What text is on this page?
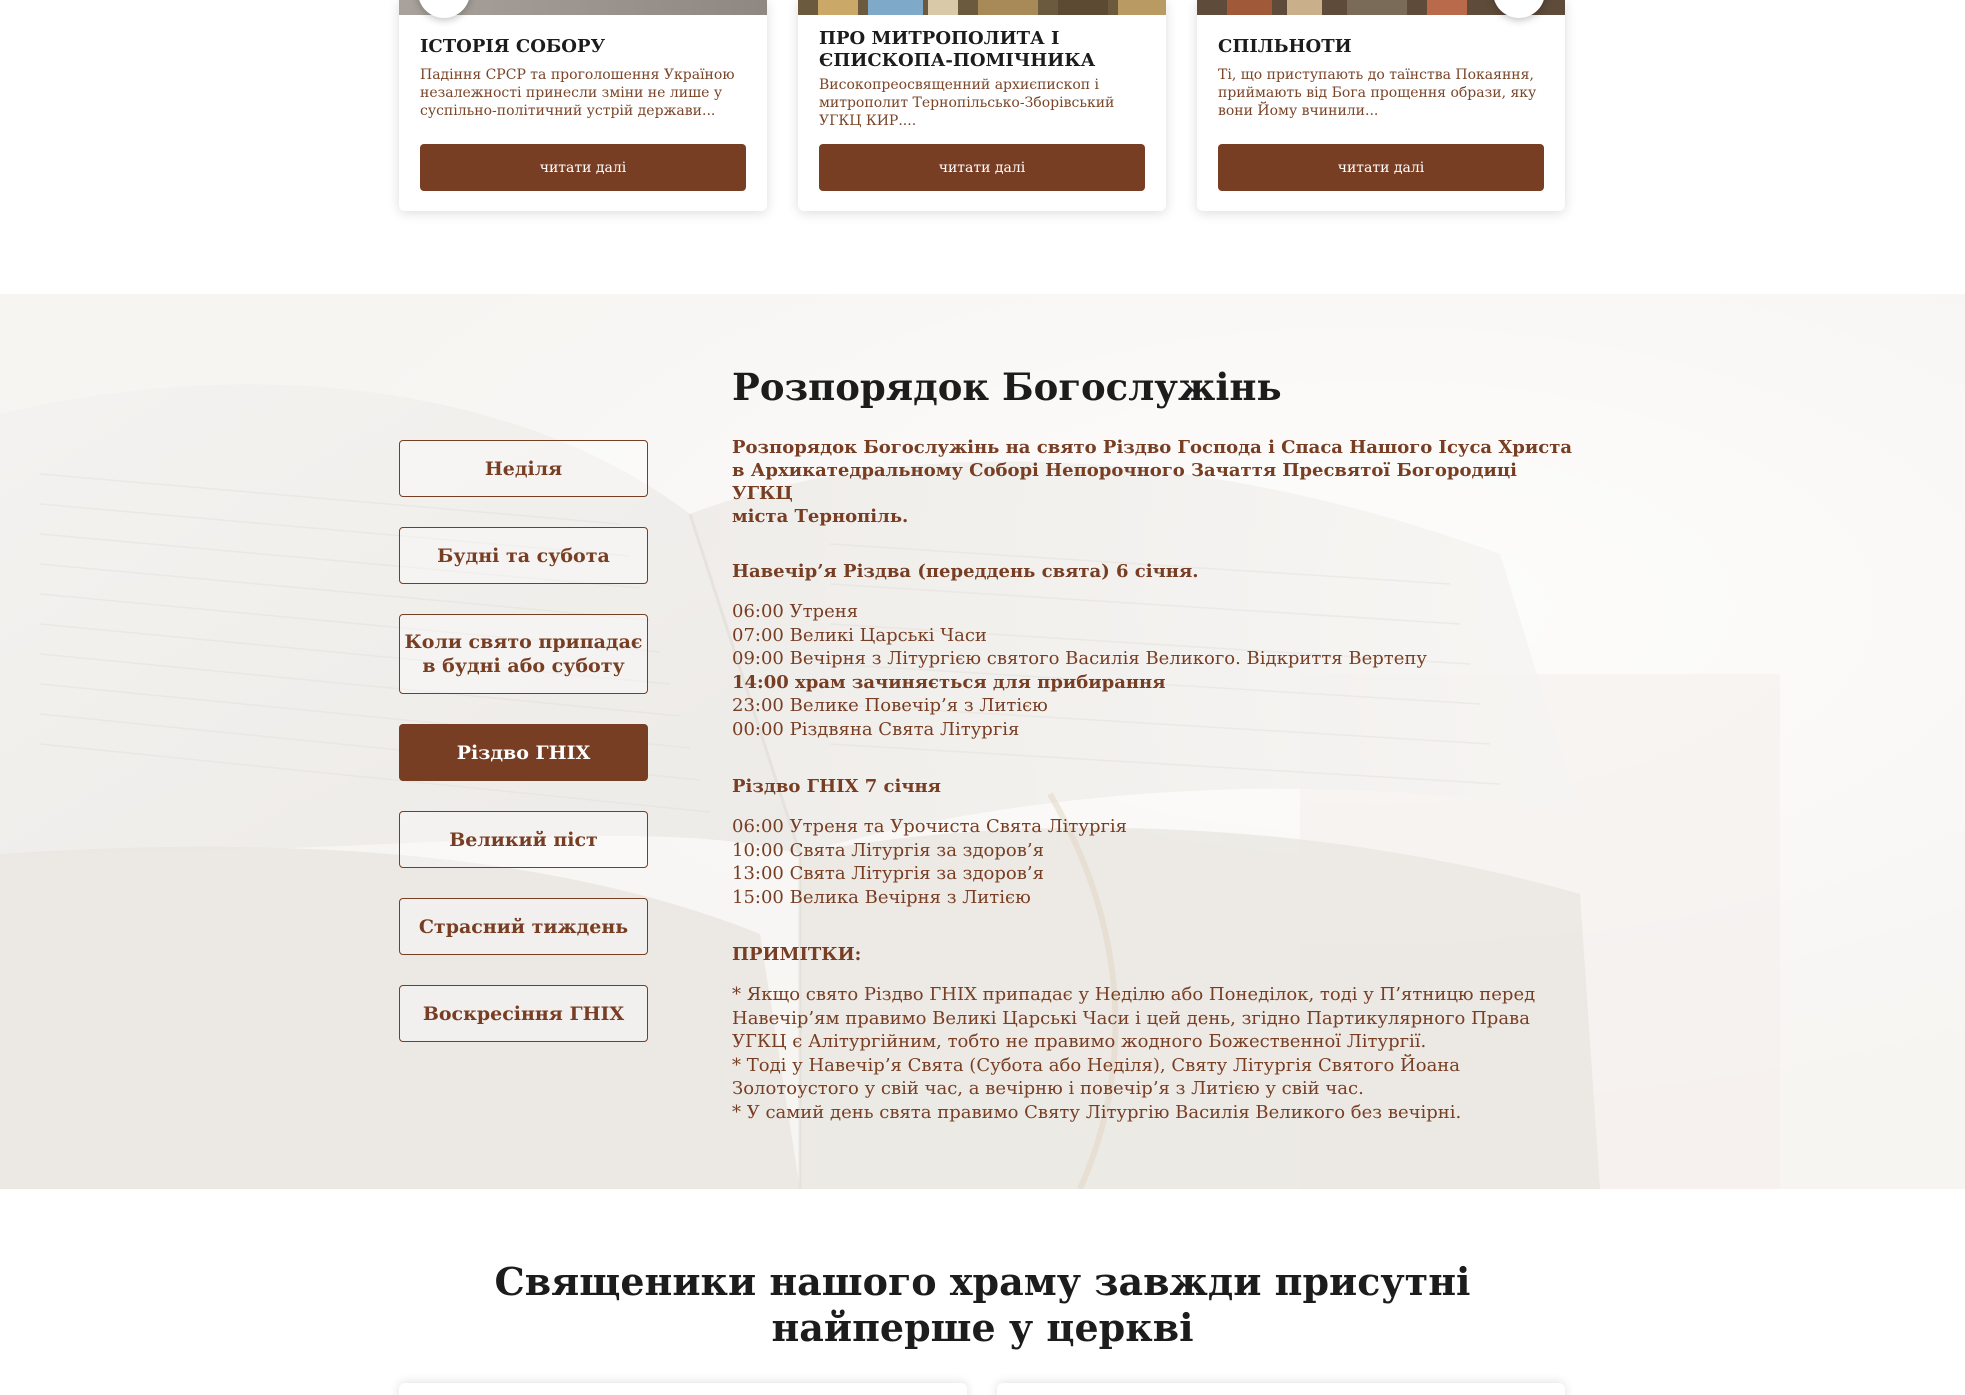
ІСТОРІЯ СОБОРУ
Падіння СРСР та проголошення Україною незалежності принесли зміни не лише у суспільно-політичний устрій держави...
читати далі
ПРО МИТРОПОЛИТА І ЄПИСКОПА-ПОМІЧНИКА
Високопреосвященний архиєпископ і митрополит Тернопільсько-Зборівський УГКЦ КИР....
читати далі
СПІЛЬНОТИ
Ті, що приступають до таїнства Покаяння, приймають від Бога прощення образи, яку вони Йому вчинили...
читати далі
Неділя
Будні та субота
Коли свято припадає в будні або суботу
Різдво ГНІХ
Великий піст
Страсний тиждень
Воскресіння ГНІХ
Розпорядок Богослужінь
Розпорядок Богослужінь на свято Різдво Господа і Спаса Нашого Ісуса Христа
в Архикатедральному Соборі Непорочного Зачаття Пресвятої Богородиці УГКЦ
міста Тернопіль.
Навечір’я Різдва (переддень свята) 6 січня.
06:00 Утреня
07:00 Великі Царські Часи
09:00 Вечірня з Літургією святого Василія Великого. Відкриття Вертепу
14:00 храм зачиняється для прибирання
23:00 Велике Повечір’я з Литією
00:00 Різдвяна Свята Літургія
Різдво ГНІХ 7 січня
06:00 Утреня та Урочиста Свята Літургія
10:00 Свята Літургія за здоров’я
13:00 Свята Літургія за здоров’я
15:00 Велика Вечірня з Литією
ПРИМІТКИ:
* Якщо свято Різдво ГНІХ припадає у Неділю або Понеділок, тоді у П’ятницю перед
Навечір’ям правимо Великі Царські Часи і цей день, згідно Партикулярного Права
УГКЦ є Алітургійним, тобто не правимо жодного Божественної Літургії.
* Тоді у Навечір’я Свята (Субота або Неділя), Святу Літургія Святого Йоана
Золотоустого у свій час, а вечірню і повечір’я з Литією у свій час.
* У самий день свята правимо Святу Літургію Василія Великого без вечірні.
Священики нашого храму завжди присутні
найперше у церкві
